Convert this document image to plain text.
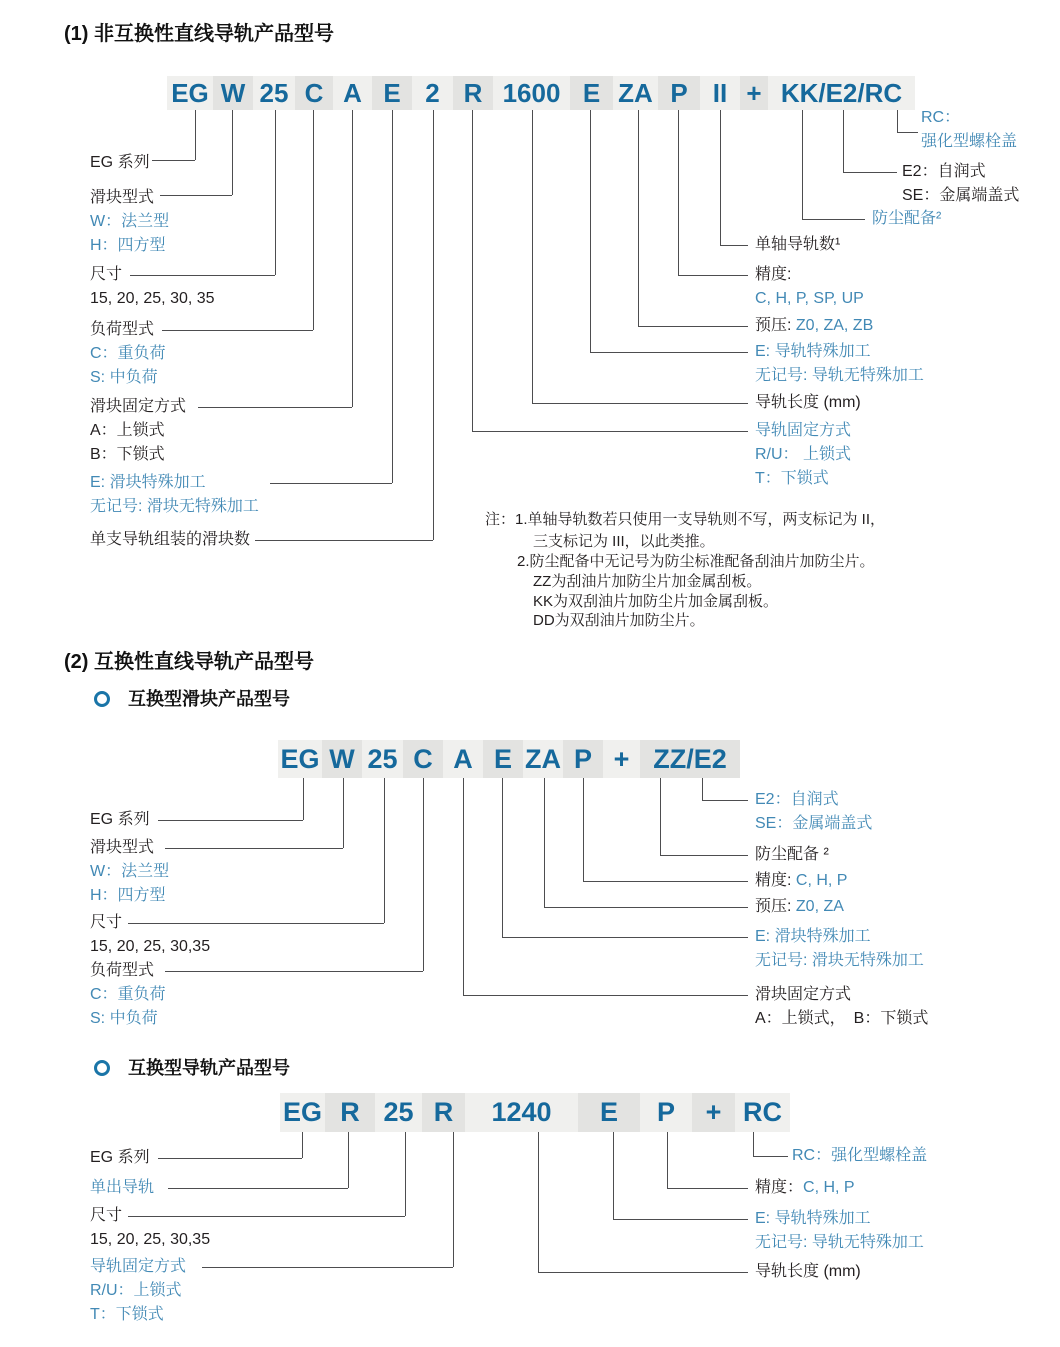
(1) 非互换性直线导轨产品型号
EG W 25 C A E 2 R 1600 E ZA P II + KK/E2/RC
EG 系列
滑块型式
W：法兰型
H：四方型
尺寸
15, 20, 25, 30, 35
负荷型式
C：重负荷
S: 中负荷
滑块固定方式
A：上锁式
B：下锁式
E: 滑块特殊加工
无记号: 滑块无特殊加工
单支导轨组装的滑块数
RC：
强化型螺栓盖
E2：自润式
SE：金属端盖式
防尘配备²
单轴导轨数¹
精度:
C, H, P, SP, UP
预压: Z0, ZA, ZB
E: 导轨特殊加工
无记号: 导轨无特殊加工
导轨长度 (mm)
导轨固定方式
R/U： 上锁式
T：下锁式
注：1.单轴导轨数若只使用一支导轨则不写，两支标记为 II，
三支标记为 III，以此类推。
2.防尘配备中无记号为防尘标准配备刮油片加防尘片。
ZZ为刮油片加防尘片加金属刮板。
KK为双刮油片加防尘片加金属刮板。
DD为双刮油片加防尘片。
(2) 互换性直线导轨产品型号
互换型滑块产品型号
EG W 25 C A E ZA P + ZZ/E2
EG 系列
滑块型式
W：法兰型
H：四方型
尺寸
15, 20, 25, 30,35
负荷型式
C：重负荷
S: 中负荷
E2：自润式
SE：金属端盖式
防尘配备 ²
精度: C, H, P
预压: Z0, ZA
E: 滑块特殊加工
无记号: 滑块无特殊加工
滑块固定方式
A：上锁式，　B：下锁式
互换型导轨产品型号
EG R 25 R	1240	E	P	+ RC
EG 系列
单出导轨
尺寸
15, 20, 25, 30,35
导轨固定方式
R/U：上锁式
T：下锁式
RC：强化型螺栓盖
精度：C, H, P
E: 导轨特殊加工
无记号: 导轨无特殊加工
导轨长度 (mm)
